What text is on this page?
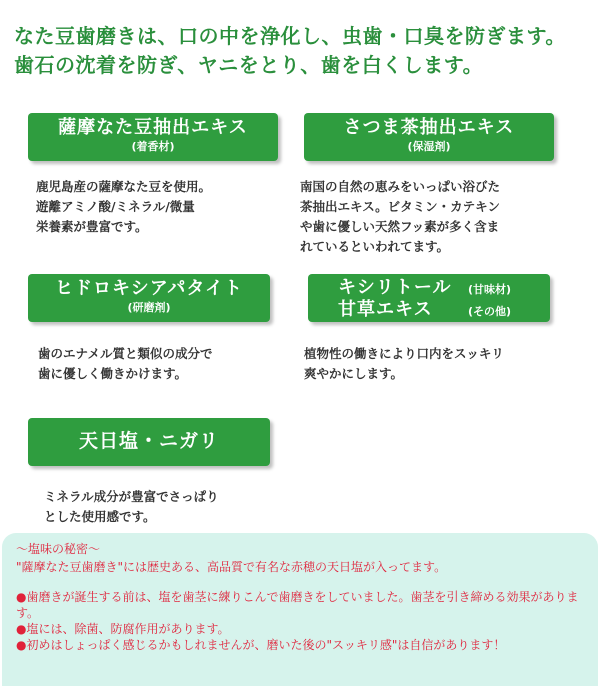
なた豆歯磨きは、口の中を浄化し、虫歯・口臭を防ぎます。
歯石の沈着を防ぎ、ヤニをとり、歯を白くします。
薩摩なた豆抽出エキス
(着香材)
鹿児島産の薩摩なた豆を使用。
遊離アミノ酸/ミネラル/微量
栄養素が豊富です。
さつま茶抽出エキス
(保湿剤)
南国の自然の恵みをいっぱい浴びた
茶抽出エキス。ビタミン・カテキン
や歯に優しい天然フッ素が多く含ま
れているといわれてます。
ヒドロキシアパタイト
(研磨剤)
歯のエナメル質と類似の成分で
歯に優しく働きかけます。
キシリトール (甘味材)
甘草エキス	(その他)
植物性の働きにより口内をスッキリ
爽やかにします。
天日塩・ニガリ
ミネラル成分が豊富でさっぱり
とした使用感です。

～塩味の秘密～

"薩摩なた豆歯磨き"には歴史ある、高品質で有名な赤穂の天日塩が入ってます。

●歯磨きが誕生する前は、塩を歯茎に練りこんで歯磨きをしていました。歯茎を引き締める効果があります。
●塩には、除菌、防腐作用があります。
●初めはしょっぱく感じるかもしれませんが、磨いた後の"スッキリ感"は自信があります！
